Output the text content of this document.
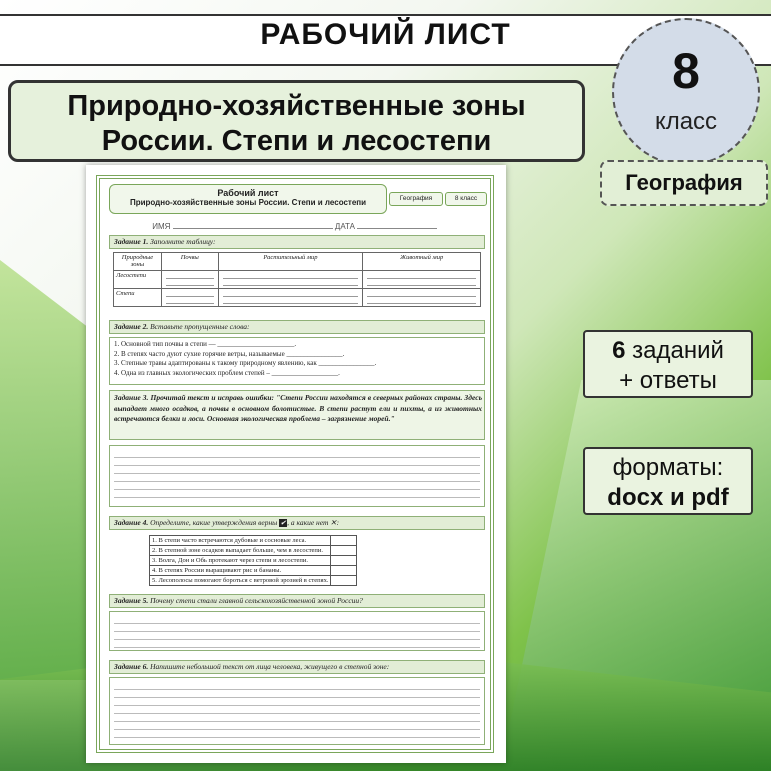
РАБОЧИЙ ЛИСТ
Природно-хозяйственные зоны
России. Степи и лесостепи
8
класс
География
6 заданий
+ ответы
форматы:
docx и pdf
Рабочий лист
Природно-хозяйственные зоны России. Степи и лесостепи	География	8 класс
ИМЯ	ДАТА
Задание 1. Заполните таблицу:
Природные зоны	Почвы	Растительный мир	Животный мир
Лесостепи	

Степи	

Задание 2. Вставьте пропущенные слова:
1. Основной тип почвы в степи — ______________________.
2. В степях часто дуют сухие горячие ветры, называемые ________________.
3. Степные травы адаптированы к такому природному явлению, как ________________.
4. Одна из главных экологических проблем степей – ___________________.
Задание 3. Прочитай текст и исправь ошибки: "Степи России находятся в северных районах страны. Здесь выпадает много осадков, а почвы в основном болотистые. В степи растут ели и пихты, а из животных встречаются белки и лоси. Основная экологическая проблема – загрязнение морей."
Задание 4. Определите, какие утверждения верны ✔, а какие нет ✕:
1. В степи часто встречаются дубовые и сосновые леса.	
2. В степной зоне осадков выпадает больше, чем в лесостепи.	
3. Волга, Дон и Обь протекают через степи и лесостепи.	
4. В степях России выращивают рис и бананы.	
5. Лесополосы помогают бороться с ветровой эрозией в степях.	
Задание 5. Почему степи стали главной сельскохозяйственной зоной России?
Задание 6. Напишите небольшой текст от лица человека, живущего в степной зоне:
